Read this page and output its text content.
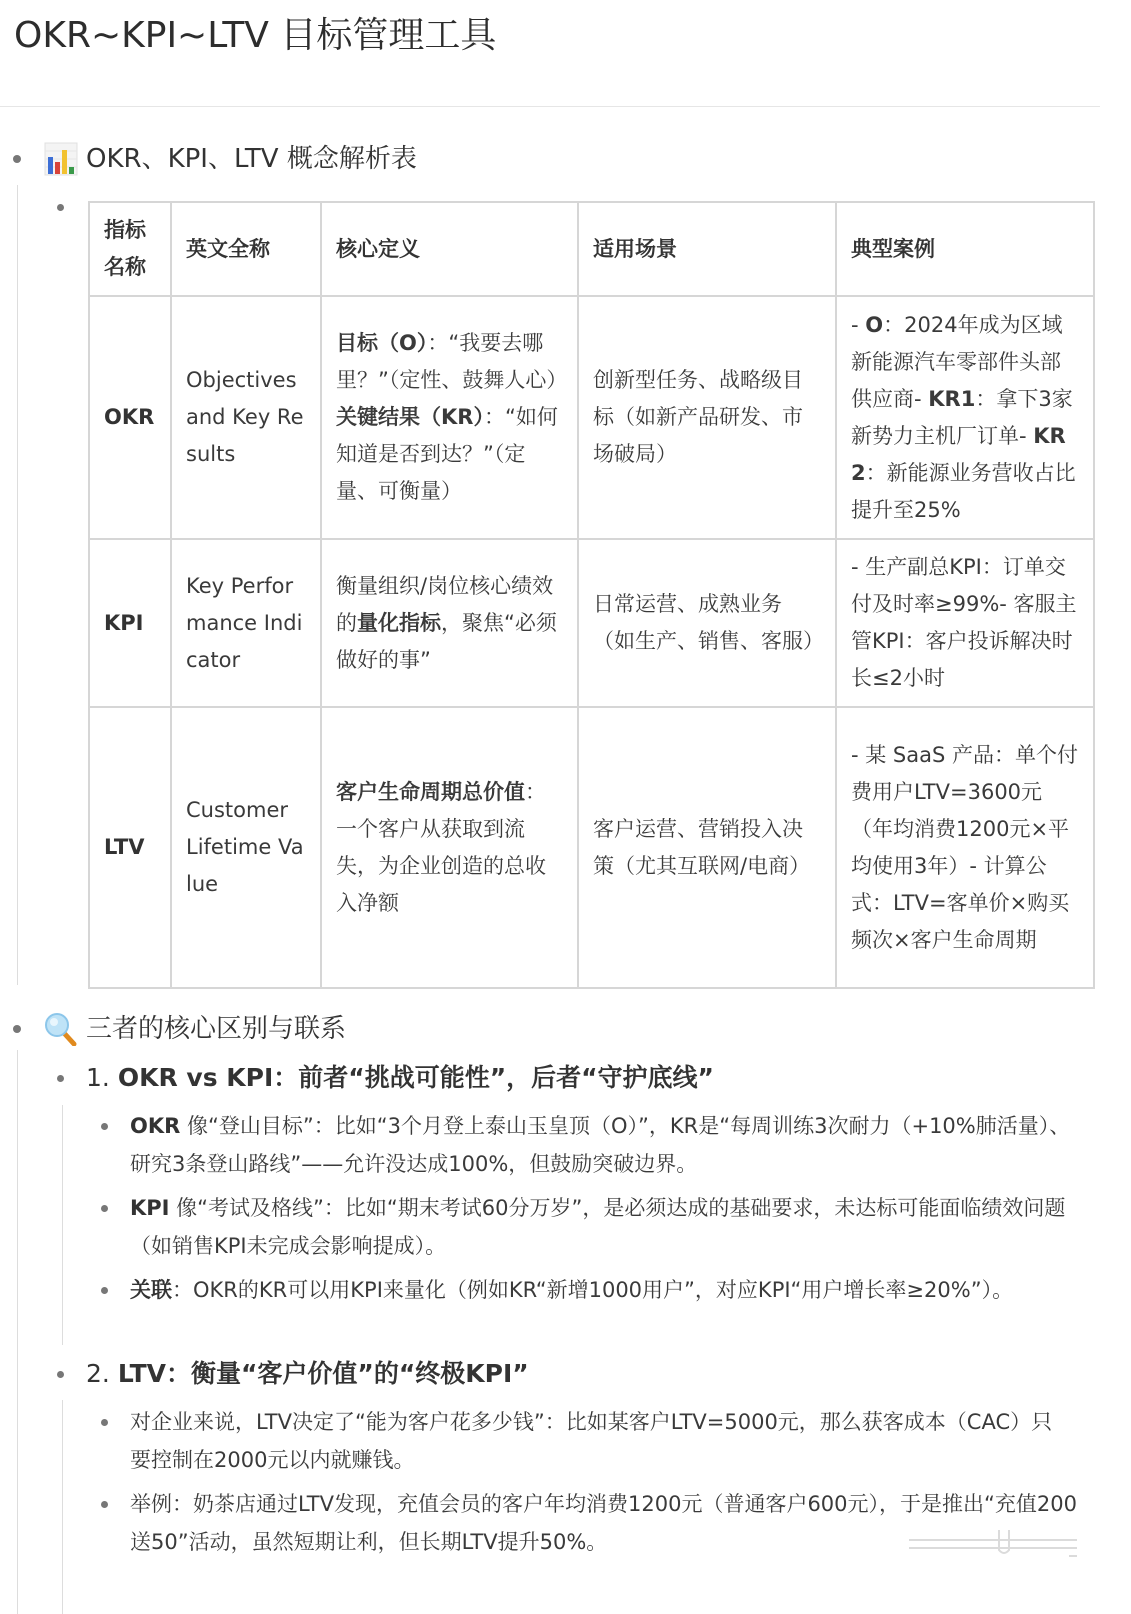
OKR~KPI~LTV 目标管理工具
OKR、KPI、LTV 概念解析表
指标名称	英文全称	核心定义	适用场景	典型案例
OKR	Objectives and Key Results	目标（O）：“我要去哪里？”（定性、鼓舞人心）关键结果（KR）：“如何知道是否到达？”（定量、可衡量）	创新型任务、战略级目标（如新产品研发、市场破局）	- O：2024年成为区域新能源汽车零部件头部供应商- KR1：拿下3家新势力主机厂订单- KR2：新能源业务营收占比提升至25%
KPI	Key Performance Indicator	衡量组织/岗位核心绩效的量化指标，聚焦“必须做好的事”	日常运营、成熟业务（如生产、销售、客服）	- 生产副总KPI：订单交付及时率≥99%- 客服主管KPI：客户投诉解决时长≤2小时
LTV	Customer Lifetime Value	客户生命周期总价值：一个客户从获取到流失，为企业创造的总收入净额	客户运营、营销投入决策（尤其互联网/电商）	- 某 SaaS 产品：单个付费用户LTV=3600元（年均消费1200元×平均使用3年）- 计算公式：LTV=客单价×购买频次×客户生命周期
三者的核心区别与联系
1. OKR vs KPI：前者“挑战可能性”，后者“守护底线”
OKR 像“登山目标”：比如“3个月登上泰山玉皇顶（O）”，KR是“每周训练3次耐力（+10%肺活量）、研究3条登山路线”——允许没达成100%，但鼓励突破边界。
KPI 像“考试及格线”：比如“期末考试60分万岁”，是必须达成的基础要求，未达标可能面临绩效问题（如销售KPI未完成会影响提成）。
关联：OKR的KR可以用KPI来量化（例如KR“新增1000用户”，对应KPI“用户增长率≥20%”）。
2. LTV：衡量“客户价值”的“终极KPI”
对企业来说，LTV决定了“能为客户花多少钱”：比如某客户LTV=5000元，那么获客成本（CAC）只要控制在2000元以内就赚钱。
举例：奶茶店通过LTV发现，充值会员的客户年均消费1200元（普通客户600元），于是推出“充值200送50”活动，虽然短期让利，但长期LTV提升50%。
